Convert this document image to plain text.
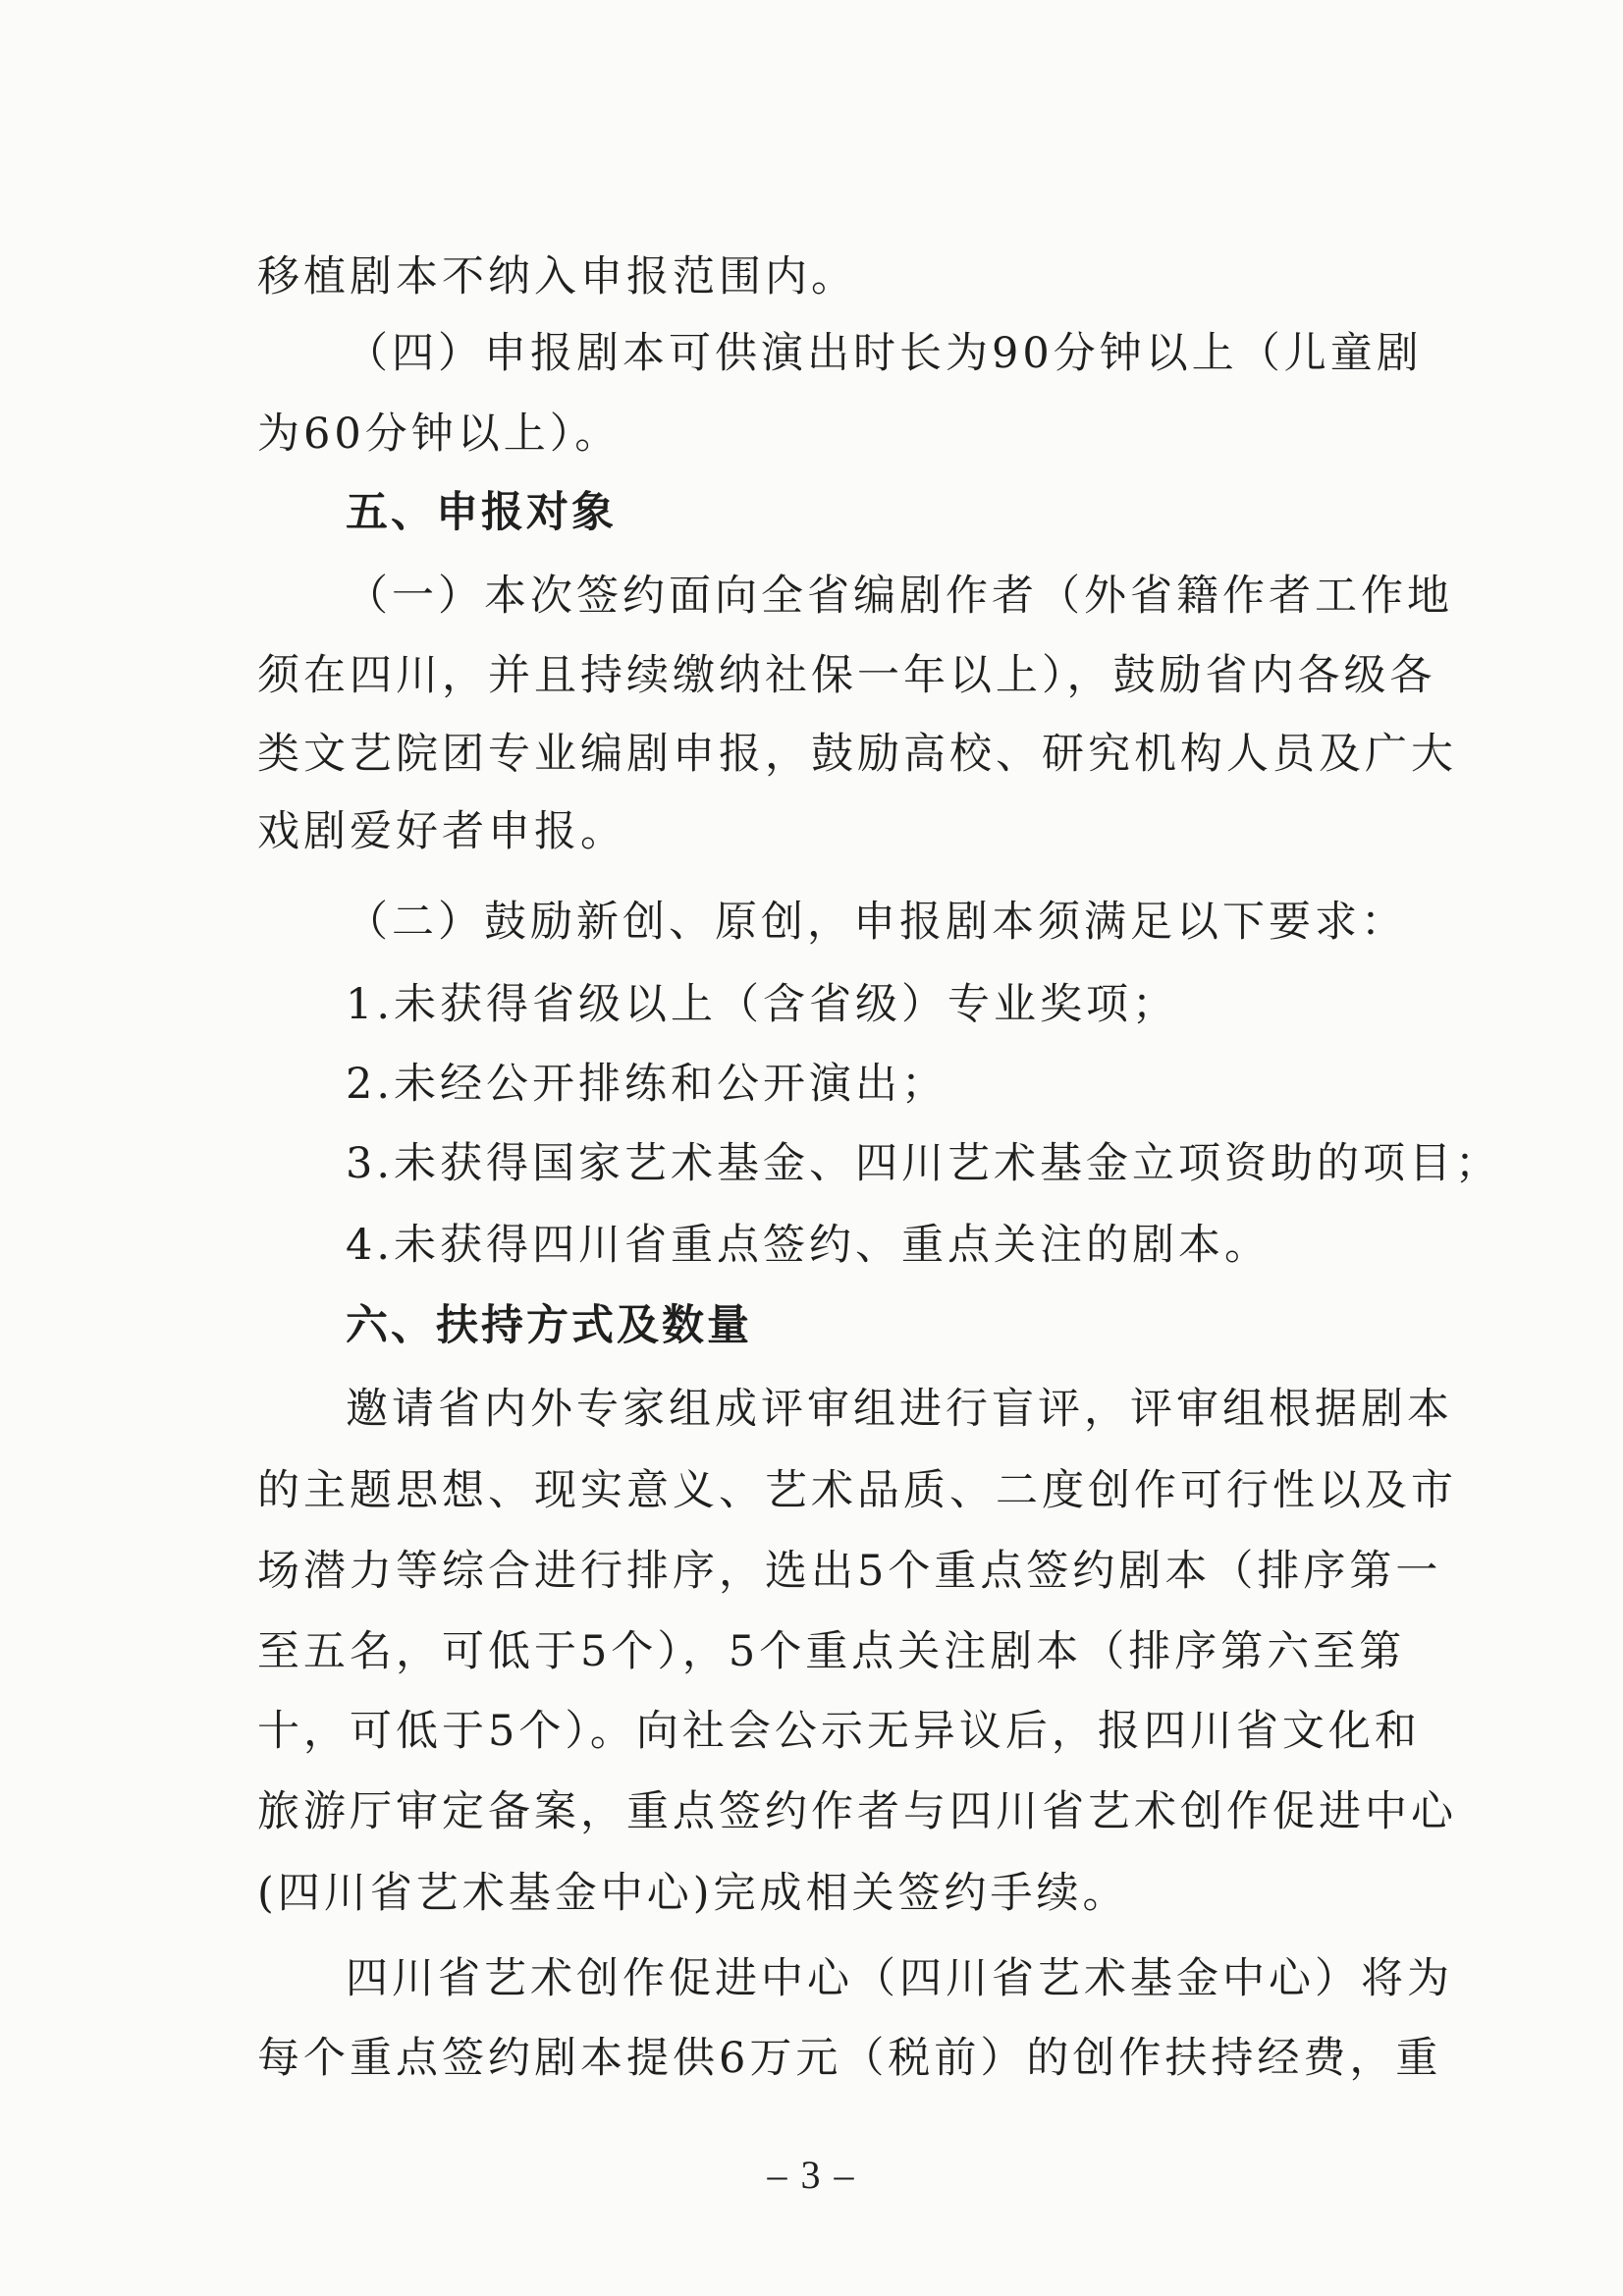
移植剧本不纳入申报范围内。
（四）申报剧本可供演出时长为90分钟以上（儿童剧
为60分钟以上）。
五、申报对象
（一）本次签约面向全省编剧作者（外省籍作者工作地
须在四川，并且持续缴纳社保一年以上），鼓励省内各级各
类文艺院团专业编剧申报，鼓励高校、研究机构人员及广大
戏剧爱好者申报。
（二）鼓励新创、原创，申报剧本须满足以下要求：
1.未获得省级以上（含省级）专业奖项；
2.未经公开排练和公开演出；
3.未获得国家艺术基金、四川艺术基金立项资助的项目；
4.未获得四川省重点签约、重点关注的剧本。
六、扶持方式及数量
邀请省内外专家组成评审组进行盲评，评审组根据剧本
的主题思想、现实意义、艺术品质、二度创作可行性以及市
场潜力等综合进行排序，选出5个重点签约剧本（排序第一
至五名，可低于5个），5个重点关注剧本（排序第六至第
十，可低于5个）。向社会公示无异议后，报四川省文化和
旅游厅审定备案，重点签约作者与四川省艺术创作促进中心
(四川省艺术基金中心)完成相关签约手续。
四川省艺术创作促进中心（四川省艺术基金中心）将为
每个重点签约剧本提供6万元（税前）的创作扶持经费，重
– 3 –
